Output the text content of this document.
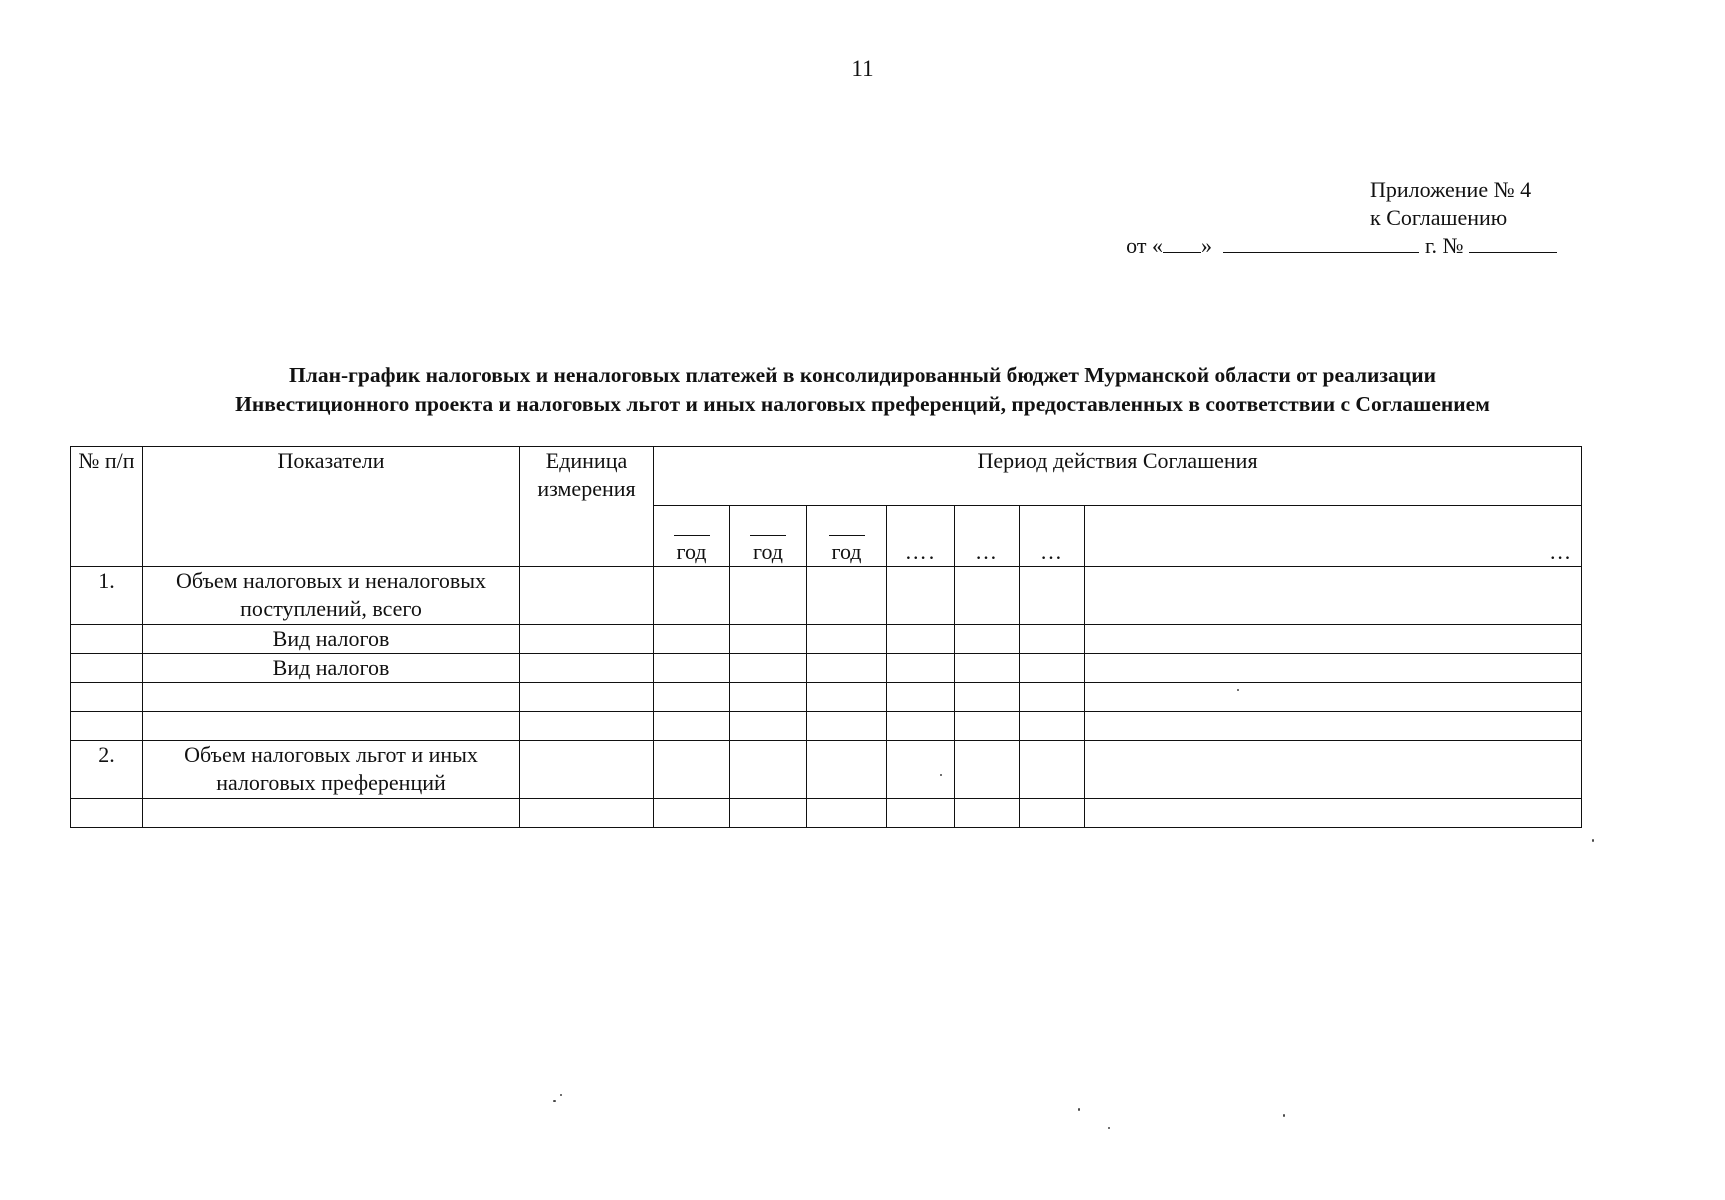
11
Приложение № 4
к Соглашению
от « »	г. №
План-график налоговых и неналоговых платежей в консолидированный бюджет Мурманской области от реализации
Инвестиционного проекта и налоговых льгот и иных налоговых преференций, предоставленных в соответствии с Соглашением
№ п/п	Показатели	Единица измерения	Период действия Соглашения						

			год	год	год	….	…	…	…

1.	Объем налоговых и неналоговых поступлений, всего								
	Вид налогов								
	Вид налогов								

2.	Объем налоговых льгот и иных налоговых преференций								
